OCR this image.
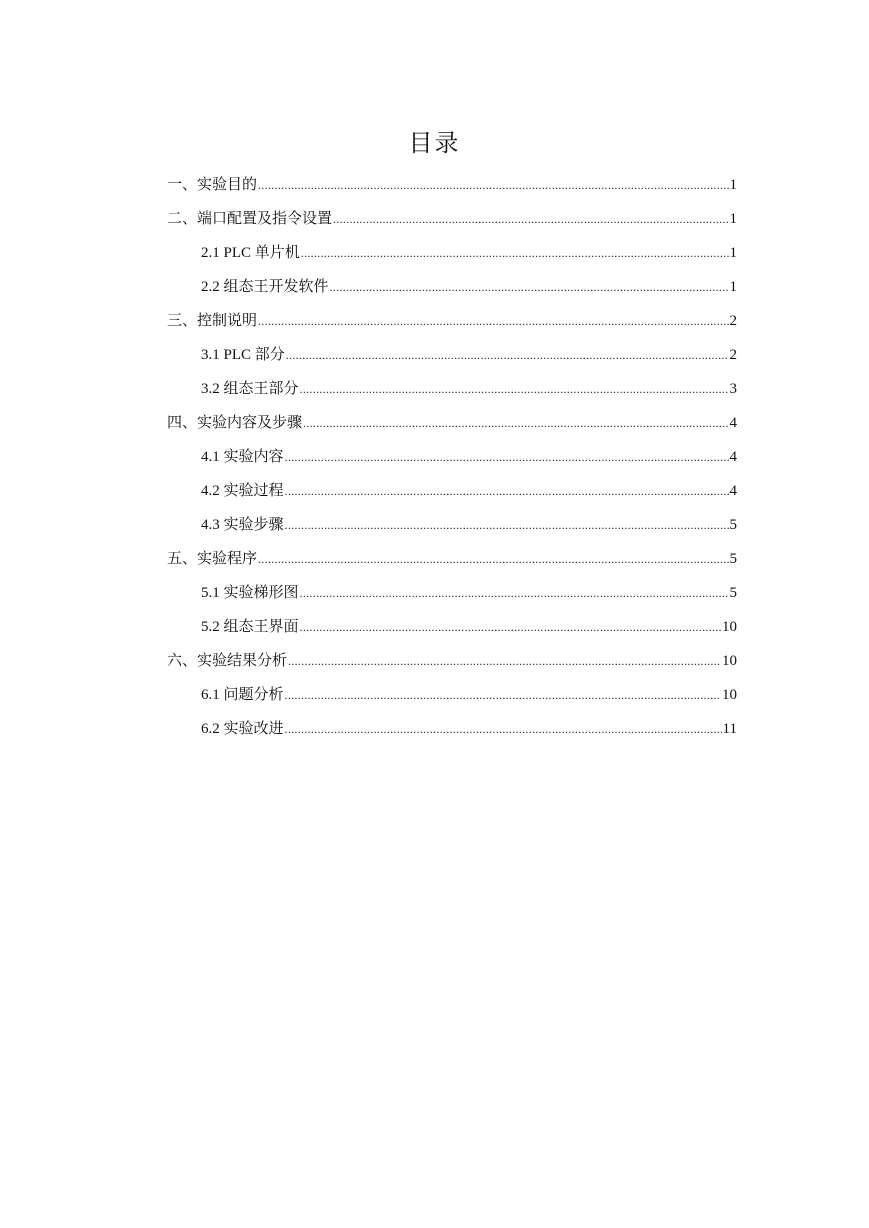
目录
一、实验目的 .....	1
二、端口配置及指令设置 .....	1
2.1 PLC 单片机 .....	1
2.2 组态王开发软件 .....	1
三、控制说明 .....	2
3.1 PLC 部分 .....	2
3.2 组态王部分 .....	3
四、实验内容及步骤 .....	4
4.1 实验内容 .....	4
4.2 实验过程 .....	4
4.3 实验步骤 .....	5
五、实验程序 .....	5
5.1 实验梯形图 .....	5
5.2 组态王界面 .....	10
六、实验结果分析 .....	10
6.1 问题分析 .....	10
6.2 实验改进 .....	11
